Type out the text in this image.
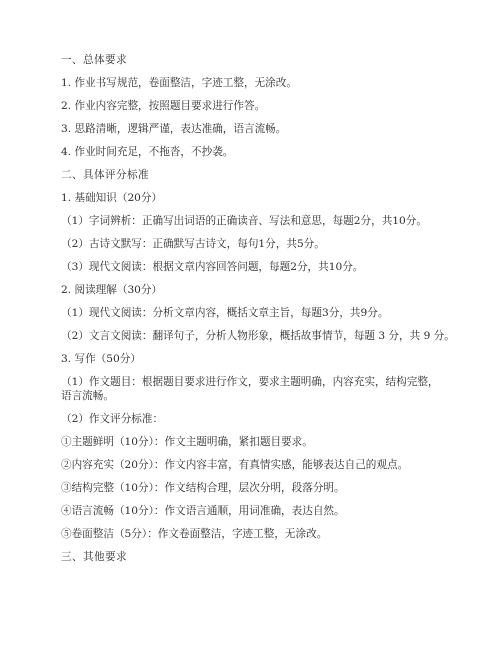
一、总体要求

1. 作业书写规范，卷面整洁，字迹工整，无涂改。

2. 作业内容完整，按照题目要求进行作答。

3. 思路清晰，逻辑严谨，表达准确，语言流畅。

4. 作业时间充足，不拖沓，不抄袭。

二、具体评分标准

1. 基础知识（20分）

（1）字词辨析：正确写出词语的正确读音、写法和意思，每题2分，共10分。

（2）古诗文默写：正确默写古诗文，每句1分，共5分。

（3）现代文阅读：根据文章内容回答问题，每题2分，共10分。

2. 阅读理解（30分）

（1）现代文阅读：分析文章内容，概括文章主旨，每题3分，共9分。

（2）文言文阅读：翻译句子，分析人物形象，概括故事情节，每题 3 分，共 9 分。

3. 写作（50分）

（1）作文题目：根据题目要求进行作文，要求主题明确，内容充实，结构完整，

语言流畅。

（2）作文评分标准：

①主题鲜明（10分）：作文主题明确，紧扣题目要求。

②内容充实（20分）：作文内容丰富，有真情实感，能够表达自己的观点。

③结构完整（10分）：作文结构合理，层次分明，段落分明。

④语言流畅（10分）：作文语言通顺，用词准确，表达自然。

⑤卷面整洁（5分）：作文卷面整洁，字迹工整，无涂改。

三、其他要求
